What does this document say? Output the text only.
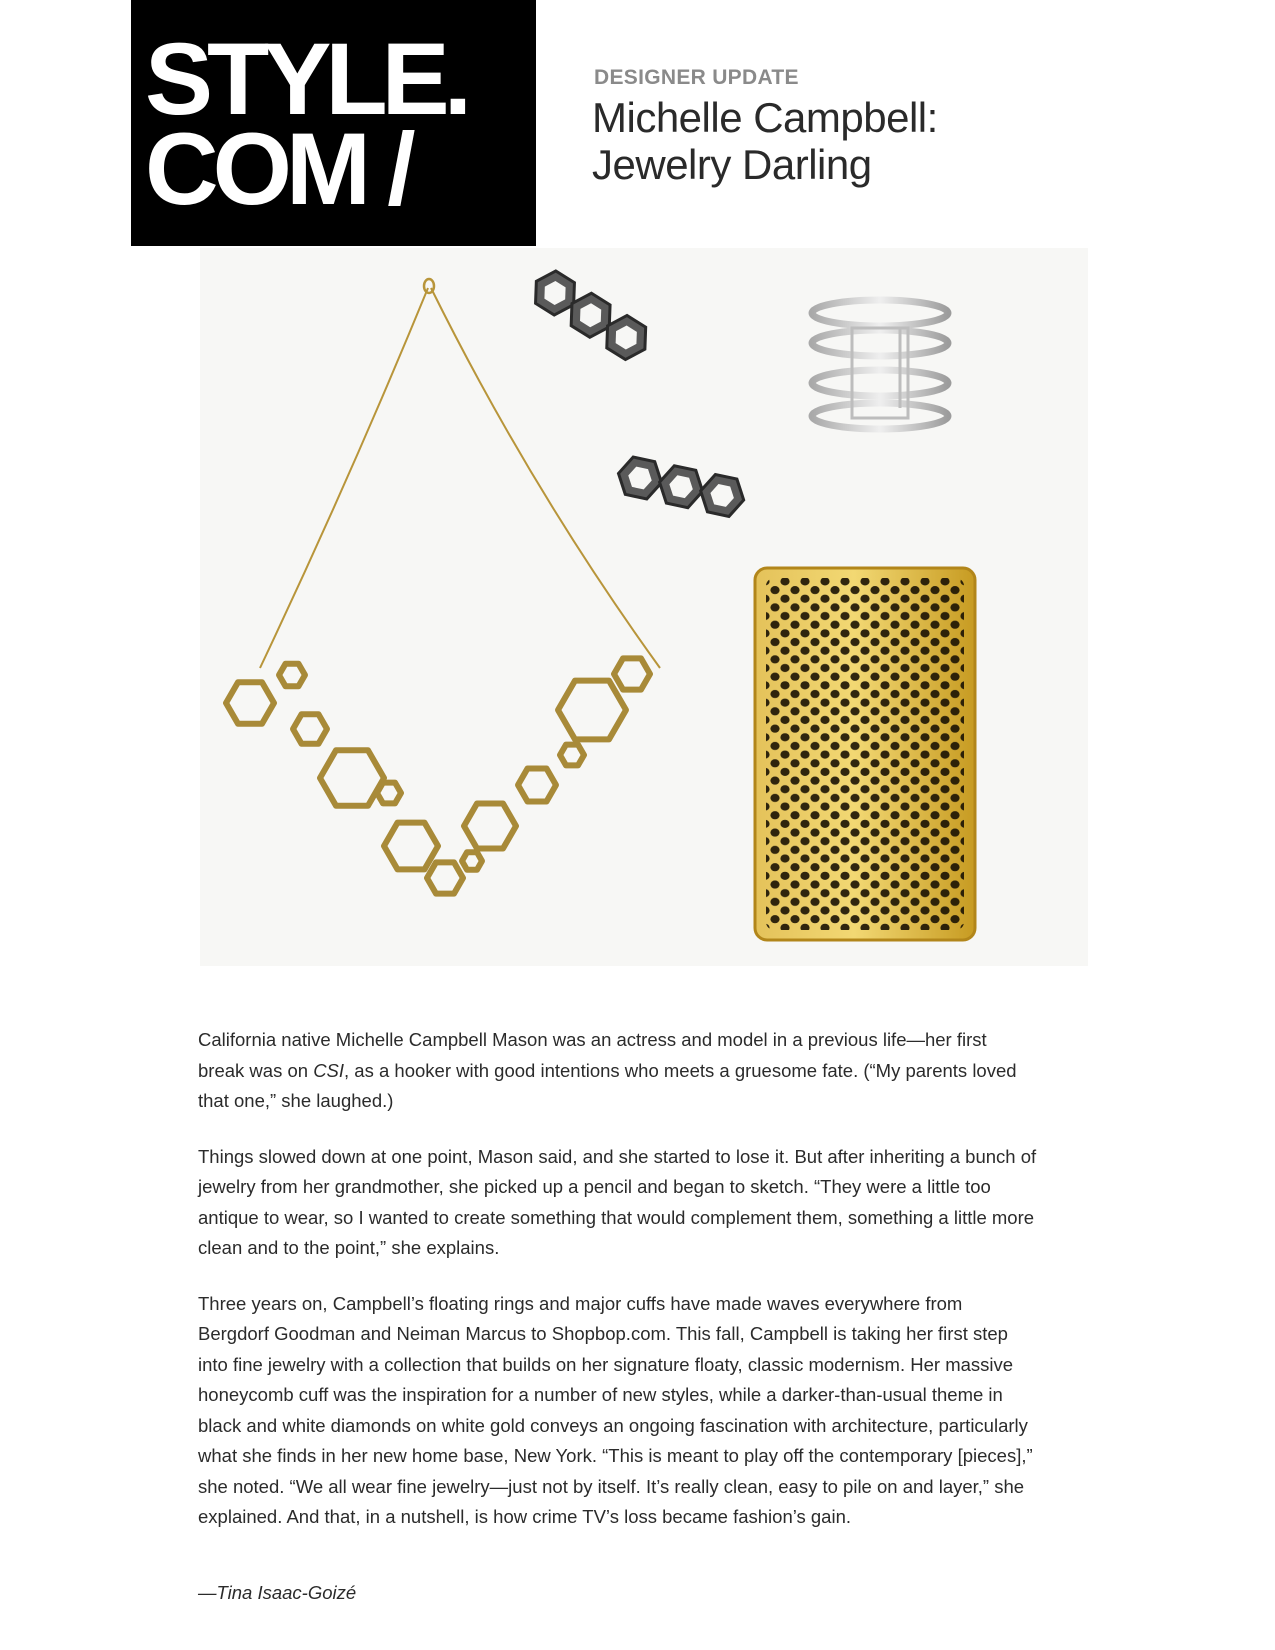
STYLE.
COM /
DESIGNER UPDATE
Michelle Campbell:
Jewelry Darling

California native Michelle Campbell Mason was an actress and model in a previous life—her first break was on CSI, as a hooker with good intentions who meets a gruesome fate. (“My parents loved that one,” she laughed.)

Things slowed down at one point, Mason said, and she started to lose it. But after inheriting a bunch of jewelry from her grandmother, she picked up a pencil and began to sketch. “They were a little too antique to wear, so I wanted to create something that would complement them, something a little more clean and to the point,” she explains.

Three years on, Campbell’s floating rings and major cuffs have made waves everywhere from Bergdorf Goodman and Neiman Marcus to Shopbop.com. This fall, Campbell is taking her first step into fine jewelry with a collection that builds on her signature floaty, classic modernism. Her massive honeycomb cuff was the inspiration for a number of new styles, while a darker-than-usual theme in black and white diamonds on white gold conveys an ongoing fascination with architecture, particularly what she finds in her new home base, New York. “This is meant to play off the contemporary [pieces],” she noted. “We all wear fine jewelry—just not by itself. It’s really clean, easy to pile on and layer,” she explained. And that, in a nutshell, is how crime TV’s loss became fashion’s gain.

—Tina Isaac-Goizé
